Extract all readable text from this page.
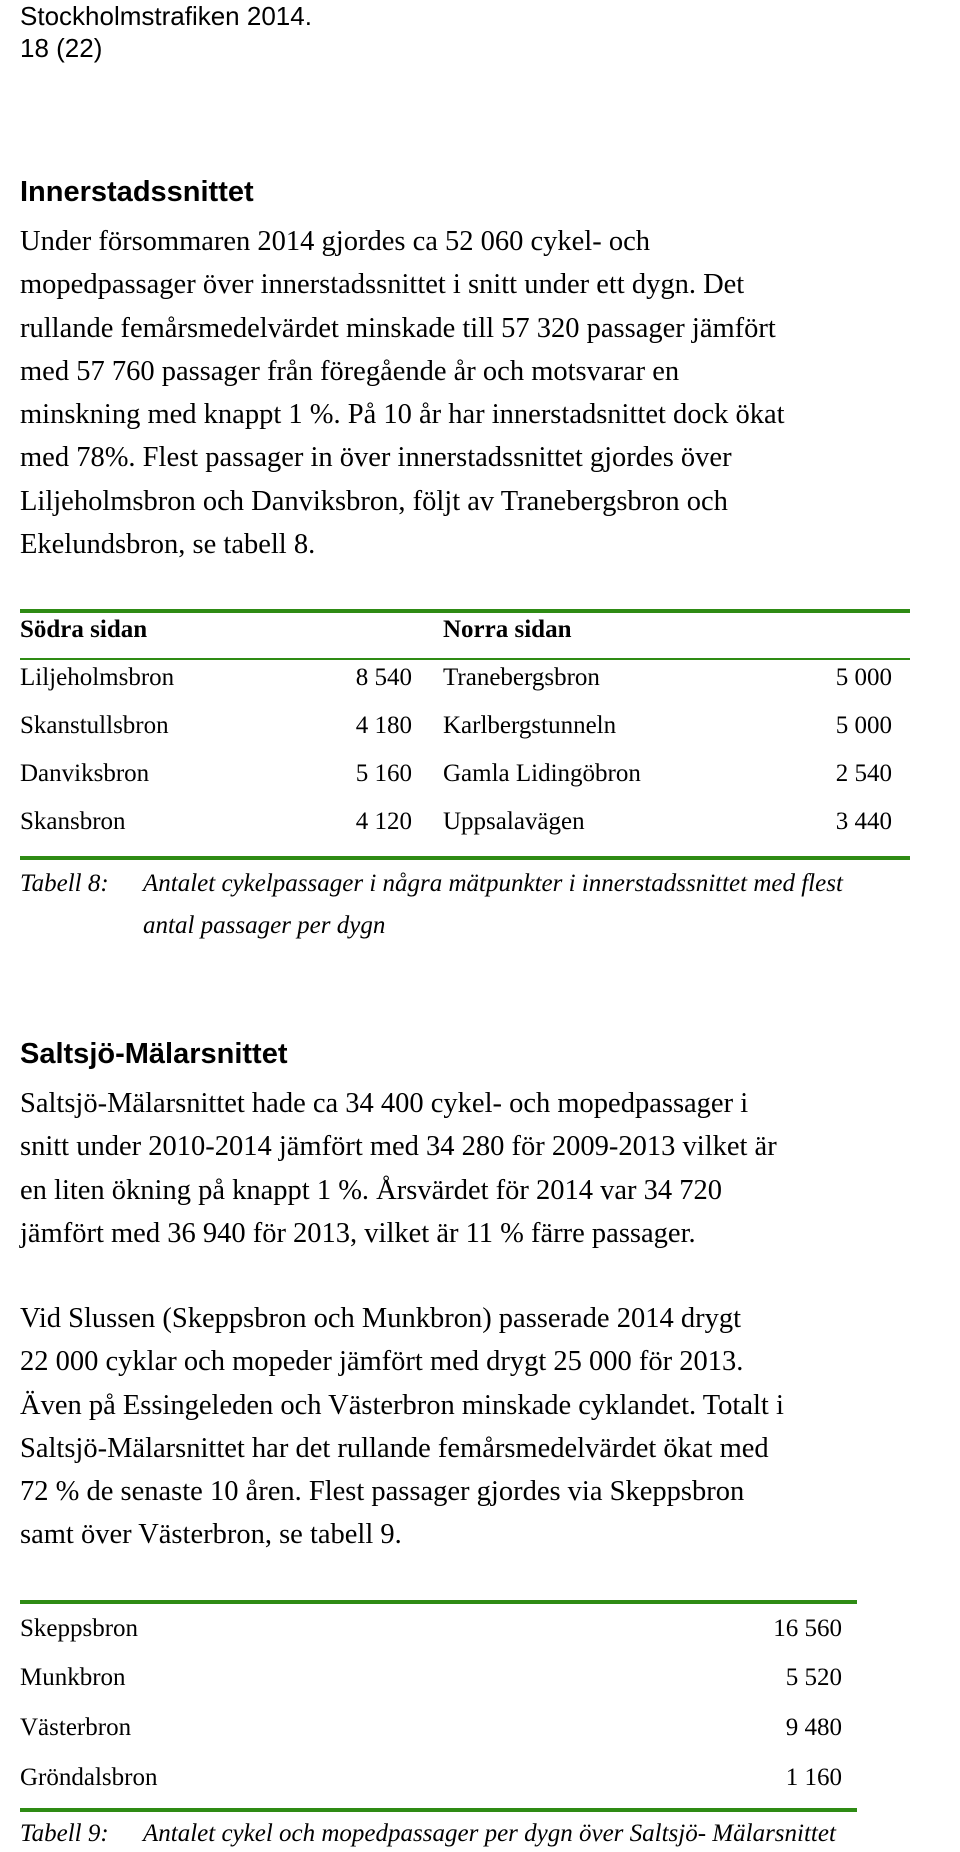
Stockholmstrafiken 2014.
18 (22)
Innerstadssnittet
Under försommaren 2014 gjordes ca 52 060 cykel- och
mopedpassager över innerstadssnittet i snitt under ett dygn. Det
rullande femårsmedelvärdet minskade till 57 320 passager jämfört
med 57 760 passager från föregående år och motsvarar en
minskning med knappt 1 %. På 10 år har innerstadsnittet dock ökat
med 78%. Flest passager in över innerstadssnittet gjordes över
Liljeholmsbron och Danviksbron, följt av Tranebergsbron och
Ekelundsbron, se tabell 8.
Södra sidan	Norra sidan
Liljeholmsbron	8 540 Tranebergsbron	5 000
Skanstullsbron	4 180 Karlbergstunneln	5 000
Danviksbron	5 160 Gamla Lidingöbron	2 540
Skansbron	4 120 Uppsalavägen	3 440
Tabell 8: Antalet cykelpassager i några mätpunkter i innerstadssnittet med flest
antal passager per dygn
Saltsjö-Mälarsnittet
Saltsjö-Mälarsnittet hade ca 34 400 cykel- och mopedpassager i
snitt under 2010-2014 jämfört med 34 280 för 2009-2013 vilket är
en liten ökning på knappt 1 %. Årsvärdet för 2014 var 34 720
jämfört med 36 940 för 2013, vilket är 11 % färre passager.
Vid Slussen (Skeppsbron och Munkbron) passerade 2014 drygt
22 000 cyklar och mopeder jämfört med drygt 25 000 för 2013.
Även på Essingeleden och Västerbron minskade cyklandet. Totalt i
Saltsjö-Mälarsnittet har det rullande femårsmedelvärdet ökat med
72 % de senaste 10 åren. Flest passager gjordes via Skeppsbron
samt över Västerbron, se tabell 9.
Skeppsbron	16 560
Munkbron	5 520
Västerbron	9 480
Gröndalsbron	1 160
Tabell 9: Antalet cykel och mopedpassager per dygn över Saltsjö- Mälarsnittet
